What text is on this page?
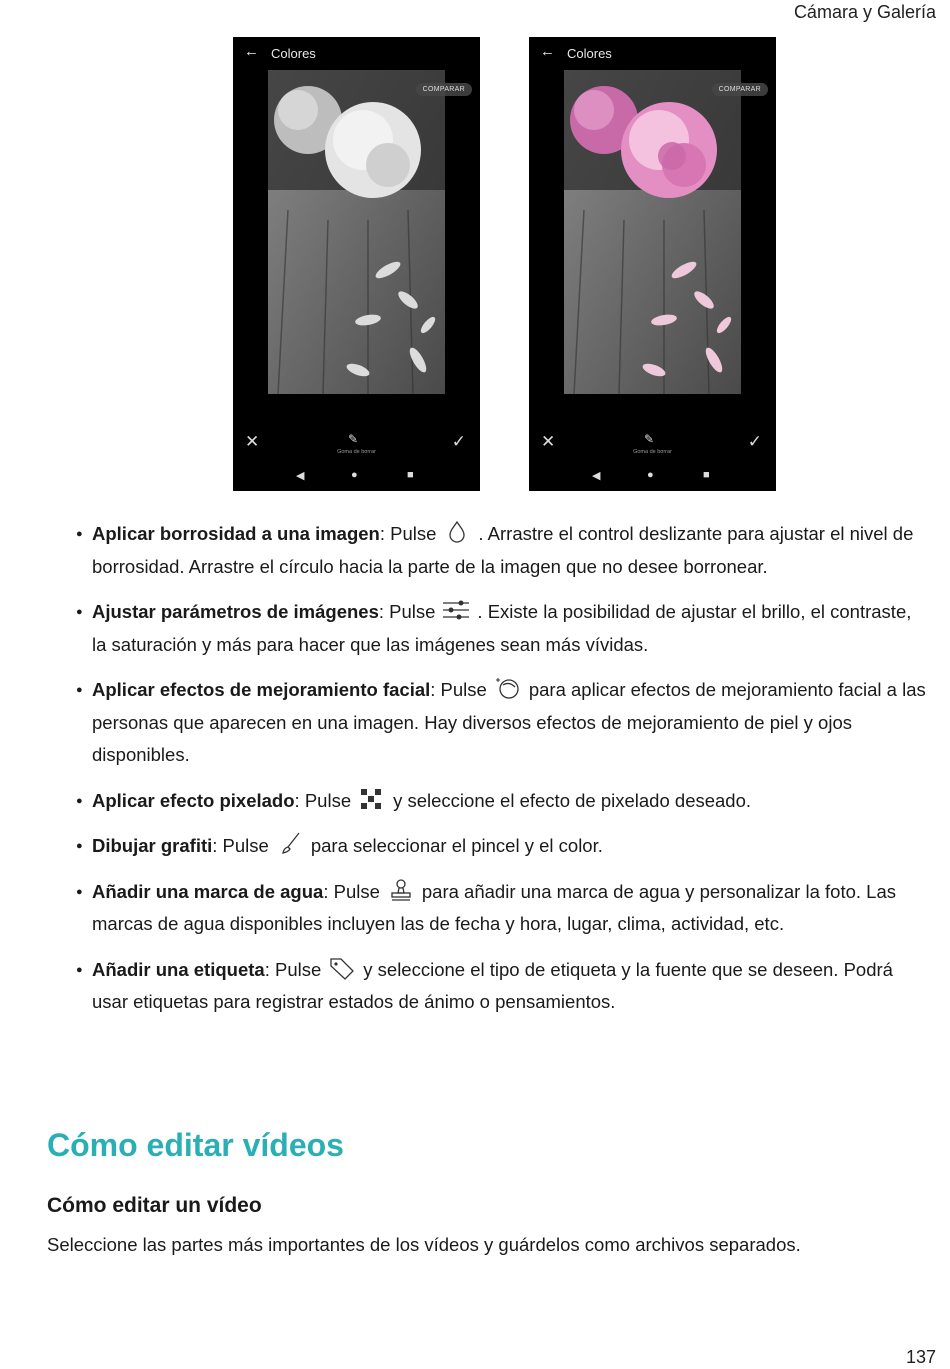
Cámara y Galería
← Colores
COMPARAR
✕	✎
Goma de borrar
✓
◀	●	■
← Colores
COMPARAR
✕	✎
Goma de borrar
✓
◀	●	■
● Aplicar borrosidad a una imagen: Pulse . Arrastre el control deslizante para ajustar el nivel de borrosidad. Arrastre el círculo hacia la parte de la imagen que no desee borronear.
● Ajustar parámetros de imágenes: Pulse . Existe la posibilidad de ajustar el brillo, el contraste, la saturación y más para hacer que las imágenes sean más vívidas.
● Aplicar efectos de mejoramiento facial: Pulse para aplicar efectos de mejoramiento facial a las personas que aparecen en una imagen. Hay diversos efectos de mejoramiento de piel y ojos disponibles.
● Aplicar efecto pixelado: Pulse y seleccione el efecto de pixelado deseado.
● Dibujar grafiti: Pulse para seleccionar el pincel y el color.
● Añadir una marca de agua: Pulse para añadir una marca de agua y personalizar la foto. Las marcas de agua disponibles incluyen las de fecha y hora, lugar, clima, actividad, etc.
● Añadir una etiqueta: Pulse y seleccione el tipo de etiqueta y la fuente que se deseen. Podrá usar etiquetas para registrar estados de ánimo o pensamientos.
Cómo editar vídeos
Cómo editar un vídeo

Seleccione las partes más importantes de los vídeos y guárdelos como archivos separados.

137
